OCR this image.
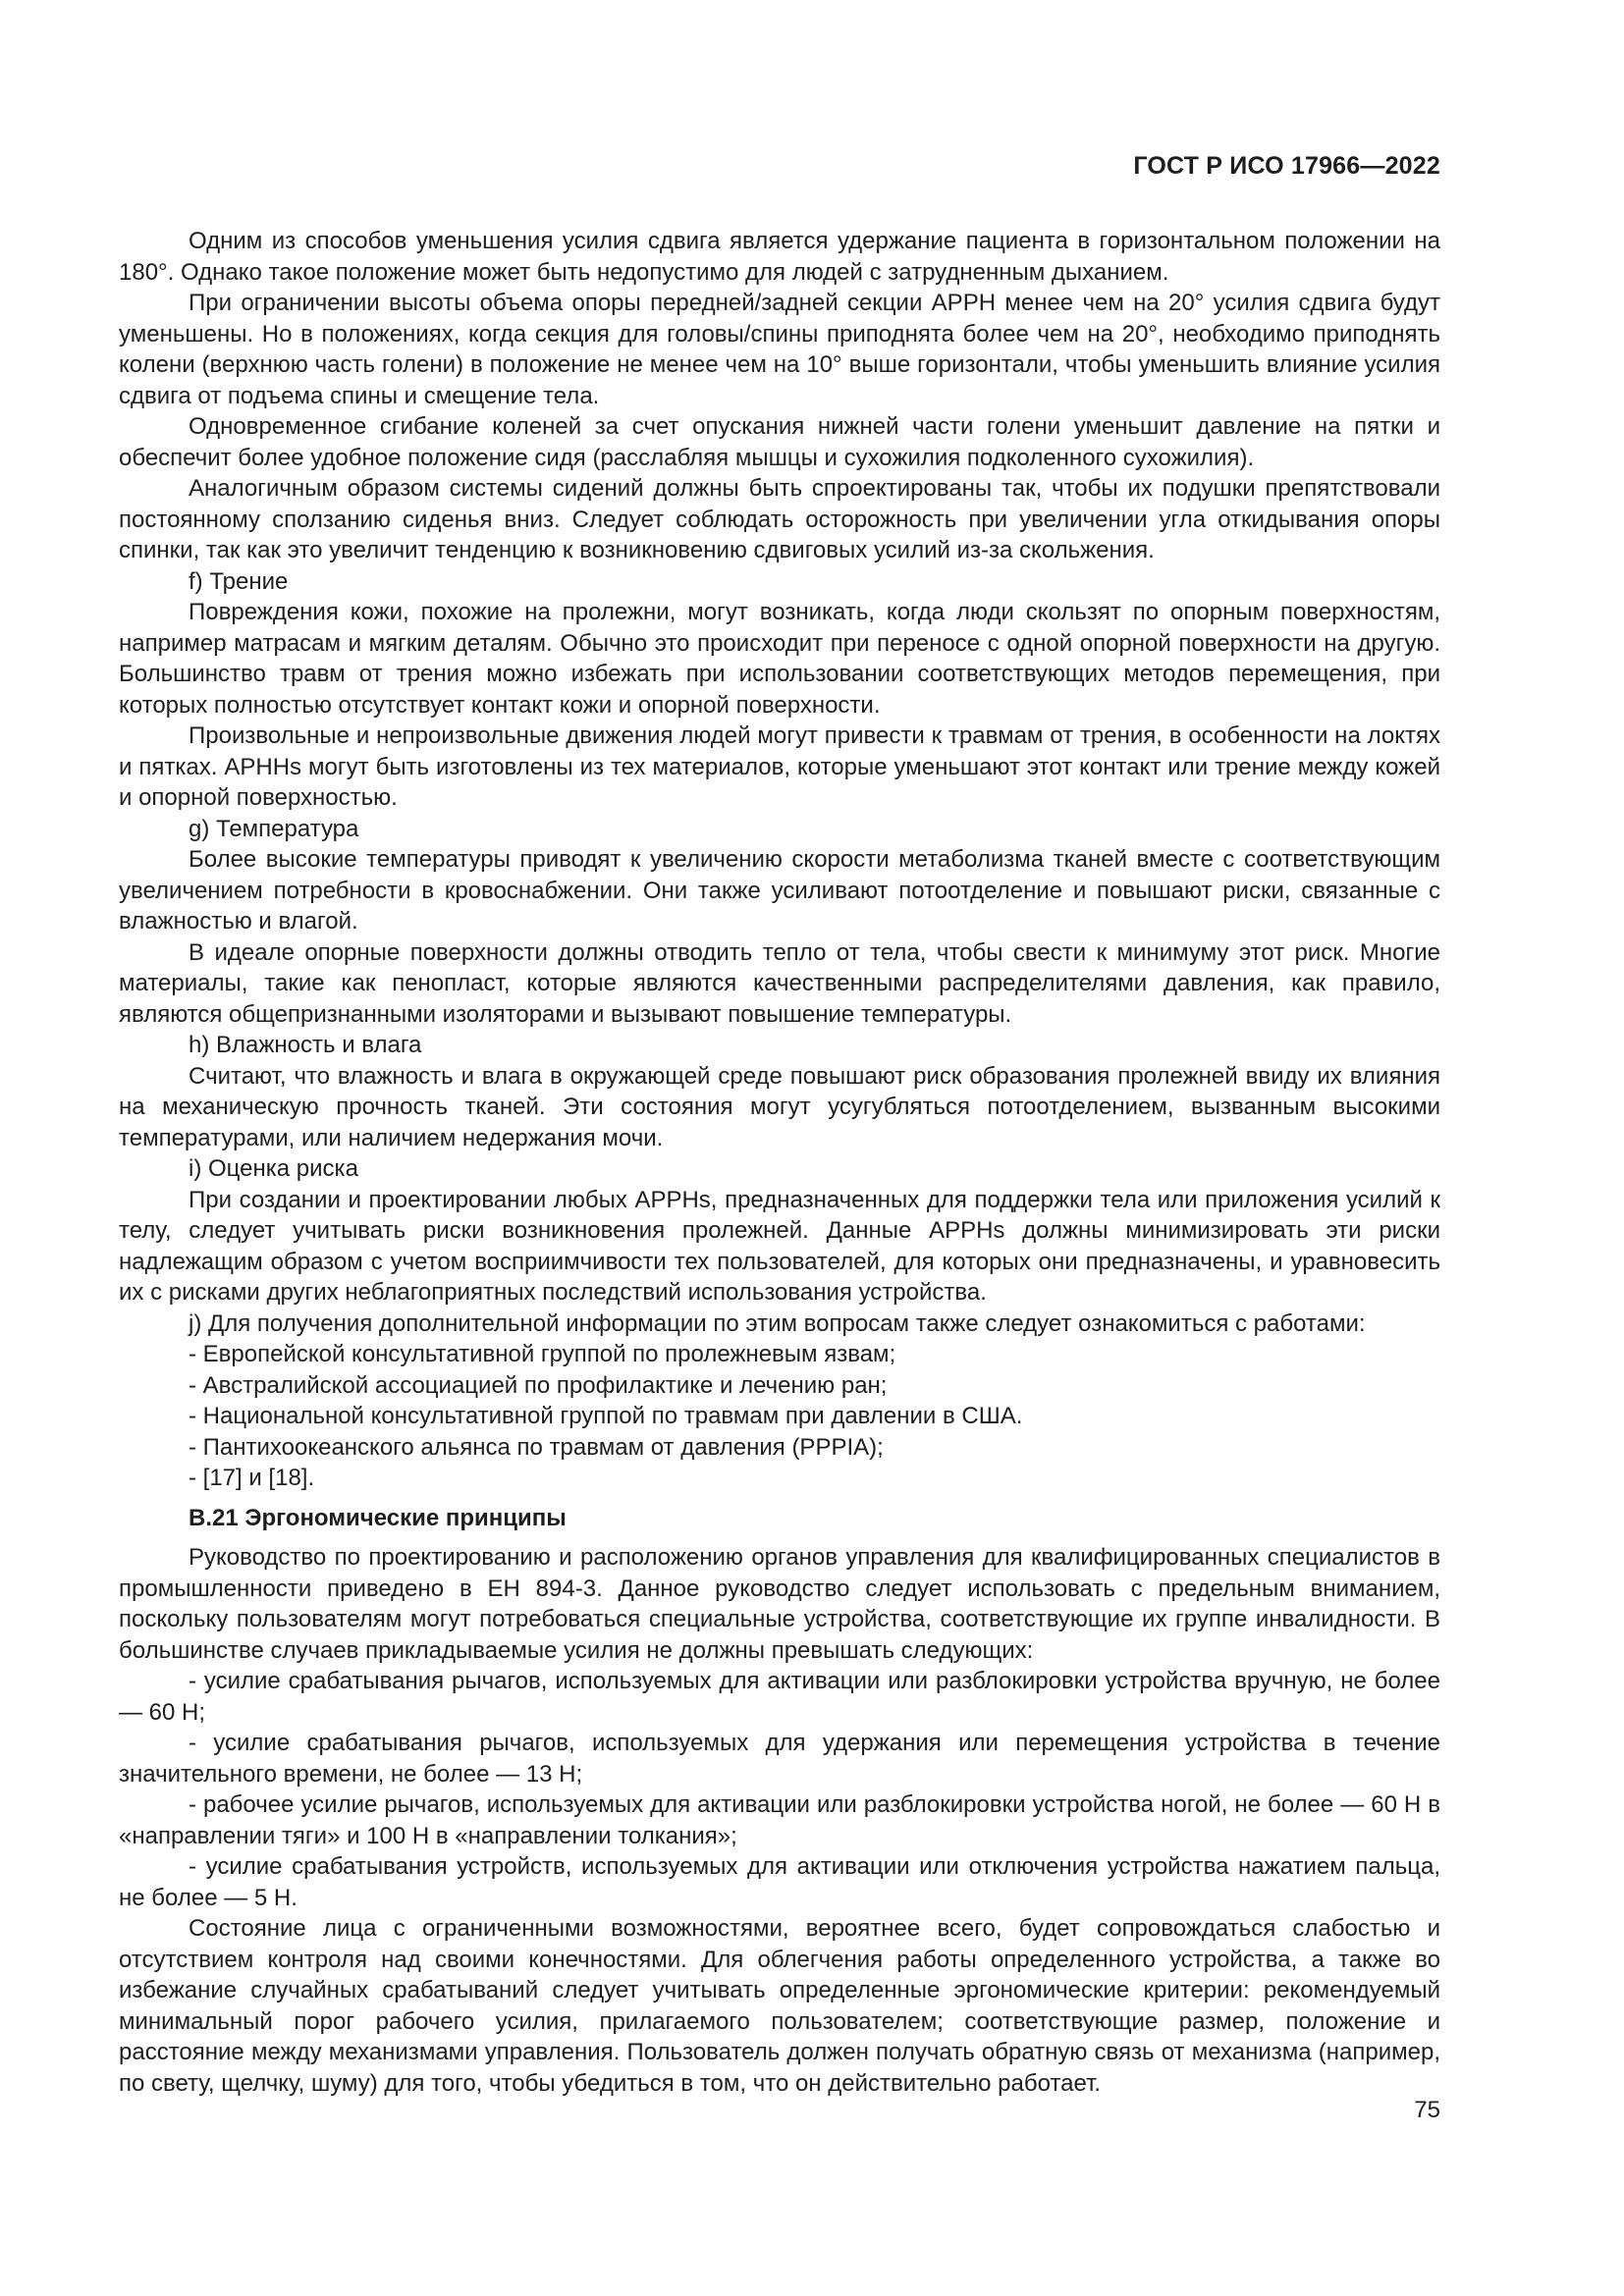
ГОСТ Р ИСО 17966—2022

Одним из способов уменьшения усилия сдвига является удержание пациента в горизонтальном положении на 180°. Однако такое положение может быть недопустимо для людей с затрудненным дыханием.

При ограничении высоты объема опоры передней/задней секции APPH менее чем на 20° усилия сдвига будут уменьшены. Но в положениях, когда секция для головы/спины приподнята более чем на 20°, необходимо приподнять колени (верхнюю часть голени) в положение не менее чем на 10° выше горизонтали, чтобы уменьшить влияние усилия сдвига от подъема спины и смещение тела.

Одновременное сгибание коленей за счет опускания нижней части голени уменьшит давление на пятки и обеспечит более удобное положение сидя (расслабляя мышцы и сухожилия подколенного сухожилия).

Аналогичным образом системы сидений должны быть спроектированы так, чтобы их подушки препятствовали постоянному сползанию сиденья вниз. Следует соблюдать осторожность при увеличении угла откидывания опоры спинки, так как это увеличит тенденцию к возникновению сдвиговых усилий из-за скольжения.

f) Трение

Повреждения кожи, похожие на пролежни, могут возникать, когда люди скользят по опорным поверхностям, например матрасам и мягким деталям. Обычно это происходит при переносе с одной опорной поверхности на другую. Большинство травм от трения можно избежать при использовании соответствующих методов перемещения, при которых полностью отсутствует контакт кожи и опорной поверхности.

Произвольные и непроизвольные движения людей могут привести к травмам от трения, в особенности на локтях и пятках. APHHs могут быть изготовлены из тех материалов, которые уменьшают этот контакт или трение между кожей и опорной поверхностью.

g) Температура

Более высокие температуры приводят к увеличению скорости метаболизма тканей вместе с соответствующим увеличением потребности в кровоснабжении. Они также усиливают потоотделение и повышают риски, связанные с влажностью и влагой.

В идеале опорные поверхности должны отводить тепло от тела, чтобы свести к минимуму этот риск. Многие материалы, такие как пенопласт, которые являются качественными распределителями давления, как правило, являются общепризнанными изоляторами и вызывают повышение температуры.

h) Влажность и влага

Считают, что влажность и влага в окружающей среде повышают риск образования пролежней ввиду их влияния на механическую прочность тканей. Эти состояния могут усугубляться потоотделением, вызванным высокими температурами, или наличием недержания мочи.

i) Оценка риска

При создании и проектировании любых APPHs, предназначенных для поддержки тела или приложения усилий к телу, следует учитывать риски возникновения пролежней. Данные APPHs должны минимизировать эти риски надлежащим образом с учетом восприимчивости тех пользователей, для которых они предназначены, и уравновесить их с рисками других неблагоприятных последствий использования устройства.

j) Для получения дополнительной информации по этим вопросам также следует ознакомиться с работами:

- Европейской консультативной группой по пролежневым язвам;

- Австралийской ассоциацией по профилактике и лечению ран;

- Национальной консультативной группой по травмам при давлении в США.

- Пантихоокеанского альянса по травмам от давления (PPPIA);

- [17] и [18].

В.21 Эргономические принципы

Руководство по проектированию и расположению органов управления для квалифицированных специалистов в промышленности приведено в ЕН 894-3. Данное руководство следует использовать с предельным вниманием, поскольку пользователям могут потребоваться специальные устройства, соответствующие их группе инвалидности. В большинстве случаев прикладываемые усилия не должны превышать следующих:

- усилие срабатывания рычагов, используемых для активации или разблокировки устройства вручную, не более — 60 Н;

- усилие срабатывания рычагов, используемых для удержания или перемещения устройства в течение значительного времени, не более — 13 Н;

- рабочее усилие рычагов, используемых для активации или разблокировки устройства ногой, не более — 60 Н в «направлении тяги» и 100 Н в «направлении толкания»;

- усилие срабатывания устройств, используемых для активации или отключения устройства нажатием пальца, не более — 5 Н.

Состояние лица с ограниченными возможностями, вероятнее всего, будет сопровождаться слабостью и отсутствием контроля над своими конечностями. Для облегчения работы определенного устройства, а также во избежание случайных срабатываний следует учитывать определенные эргономические критерии: рекомендуемый минимальный порог рабочего усилия, прилагаемого пользователем; соответствующие размер, положение и расстояние между механизмами управления. Пользователь должен получать обратную связь от механизма (например, по свету, щелчку, шуму) для того, чтобы убедиться в том, что он действительно работает.

75
